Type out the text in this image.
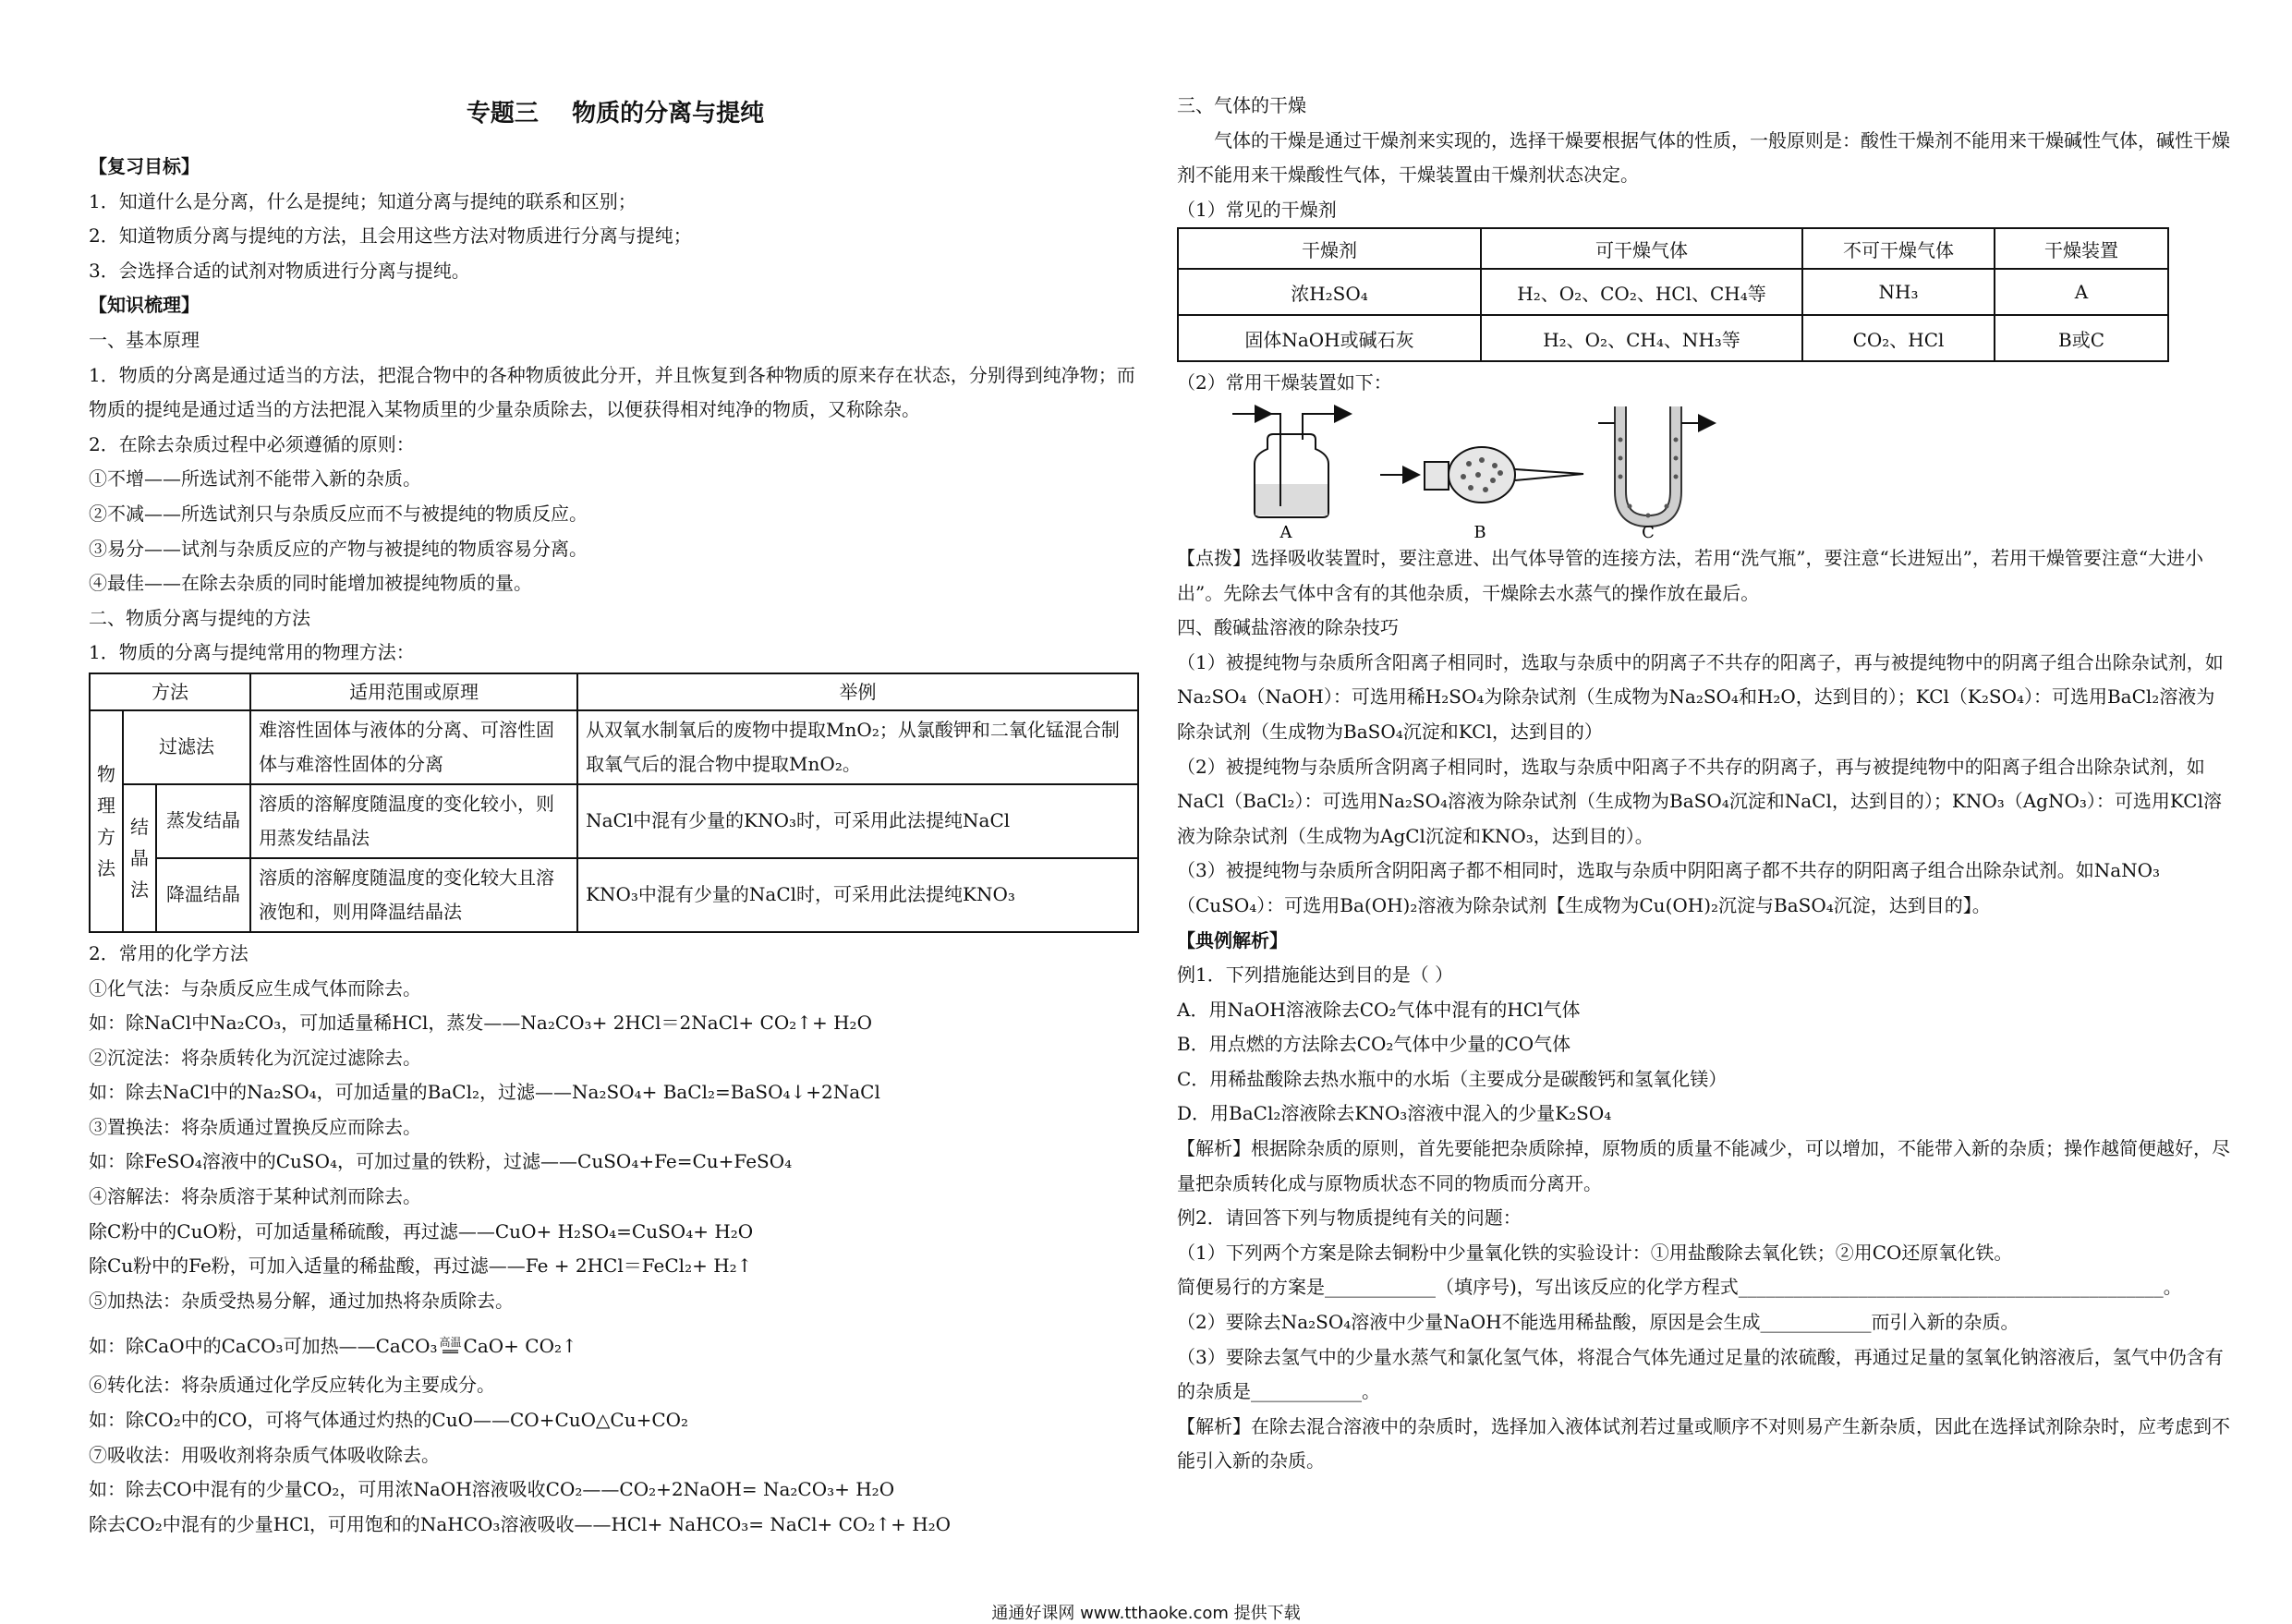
专题三    物质的分离与提纯

【复习目标】

1．知道什么是分离，什么是提纯；知道分离与提纯的联系和区别；

2．知道物质分离与提纯的方法，且会用这些方法对物质进行分离与提纯；

3．会选择合适的试剂对物质进行分离与提纯。

【知识梳理】

一、基本原理

1．物质的分离是通过适当的方法，把混合物中的各种物质彼此分开，并且恢复到各种物质的原来存在状态，分别得到纯净物；而物质的提纯是通过适当的方法把混入某物质里的少量杂质除去，以便获得相对纯净的物质，又称除杂。

2．在除去杂质过程中必须遵循的原则：

①不增——所选试剂不能带入新的杂质。

②不减——所选试剂只与杂质反应而不与被提纯的物质反应。

③易分——试剂与杂质反应的产物与被提纯的物质容易分离。

④最佳——在除去杂质的同时能增加被提纯物质的量。

二、物质分离与提纯的方法

1．物质的分离与提纯常用的物理方法：

方法			适用范围或原理	举例

物
理
方
法	过滤法		难溶性固体与液体的分离、可溶性固体与难溶性固体的分离	从双氧水制氧后的废物中提取MnO₂；从氯酸钾和二氧化锰混合制取氧气后的混合物中提取MnO₂。

	结
晶
法	蒸发结晶	溶质的溶解度随温度的变化较小，则用蒸发结晶法	NaCl中混有少量的KNO₃时，可采用此法提纯NaCl
		降温结晶	溶质的溶解度随温度的变化较大且溶液饱和，则用降温结晶法	KNO₃中混有少量的NaCl时，可采用此法提纯KNO₃

2．常用的化学方法

①化气法：与杂质反应生成气体而除去。

如：除NaCl中Na₂CO₃，可加适量稀HCl，蒸发——Na₂CO₃+ 2HCl＝2NaCl+ CO₂↑+ H₂O

②沉淀法：将杂质转化为沉淀过滤除去。

如：除去NaCl中的Na₂SO₄，可加适量的BaCl₂，过滤——Na₂SO₄+ BaCl₂=BaSO₄↓+2NaCl

③置换法：将杂质通过置换反应而除去。

如：除FeSO₄溶液中的CuSO₄，可加过量的铁粉，过滤——CuSO₄+Fe=Cu+FeSO₄

④溶解法：将杂质溶于某种试剂而除去。

除C粉中的CuO粉，可加适量稀硫酸，再过滤——CuO+ H₂SO₄=CuSO₄+ H₂O

除Cu粉中的Fe粉，可加入适量的稀盐酸，再过滤——Fe + 2HCl＝FeCl₂+ H₂↑

⑤加热法：杂质受热易分解，通过加热将杂质除去。

如：除CaO中的CaCO₃可加热——CaCO₃ 高温
══ CaO+ CO₂↑

⑥转化法：将杂质通过化学反应转化为主要成分。

如：除CO₂中的CO，可将气体通过灼热的CuO——CO+CuO△Cu+CO₂

⑦吸收法：用吸收剂将杂质气体吸收除去。

如：除去CO中混有的少量CO₂，可用浓NaOH溶液吸收CO₂——CO₂+2NaOH= Na₂CO₃+ H₂O

除去CO₂中混有的少量HCl，可用饱和的NaHCO₃溶液吸收——HCl+ NaHCO₃= NaCl+ CO₂↑+ H₂O

三、气体的干燥

气体的干燥是通过干燥剂来实现的，选择干燥要根据气体的性质，一般原则是：酸性干燥剂不能用来干燥碱性气体，碱性干燥剂不能用来干燥酸性气体，干燥装置由干燥剂状态决定。

（1）常见的干燥剂

干燥剂	可干燥气体	不可干燥气体	干燥装置
浓H₂SO₄	H₂、O₂、CO₂、HCl、CH₄等	NH₃	A
固体NaOH或碱石灰	H₂、O₂、CH₄、NH₃等	CO₂、HCl	B或C

（2）常用干燥装置如下：

A	B	C

【点拨】选择吸收装置时，要注意进、出气体导管的连接方法，若用“洗气瓶”，要注意“长进短出”，若用干燥管要注意“大进小出”。先除去气体中含有的其他杂质，干燥除去水蒸气的操作放在最后。

四、酸碱盐溶液的除杂技巧

（1）被提纯物与杂质所含阳离子相同时，选取与杂质中的阴离子不共存的阳离子，再与被提纯物中的阴离子组合出除杂试剂，如Na₂SO₄（NaOH）：可选用稀H₂SO₄为除杂试剂（生成物为Na₂SO₄和H₂O，达到目的）；KCl（K₂SO₄）：可选用BaCl₂溶液为除杂试剂（生成物为BaSO₄沉淀和KCl，达到目的）

（2）被提纯物与杂质所含阴离子相同时，选取与杂质中阳离子不共存的阴离子，再与被提纯物中的阳离子组合出除杂试剂，如NaCl（BaCl₂）：可选用Na₂SO₄溶液为除杂试剂（生成物为BaSO₄沉淀和NaCl，达到目的）；KNO₃（AgNO₃）：可选用KCl溶液为除杂试剂（生成物为AgCl沉淀和KNO₃，达到目的）。

（3）被提纯物与杂质所含阴阳离子都不相同时，选取与杂质中阴阳离子都不共存的阴阳离子组合出除杂试剂。如NaNO₃（CuSO₄）：可选用Ba(OH)₂溶液为除杂试剂【生成物为Cu(OH)₂沉淀与BaSO₄沉淀，达到目的】。

【典例解析】

例1．下列措施能达到目的是（ ）

A．用NaOH溶液除去CO₂气体中混有的HCl气体

B．用点燃的方法除去CO₂气体中少量的CO气体

C．用稀盐酸除去热水瓶中的水垢（主要成分是碳酸钙和氢氧化镁）

D．用BaCl₂溶液除去KNO₃溶液中混入的少量K₂SO₄

【解析】根据除杂质的原则，首先要能把杂质除掉，原物质的质量不能减少，可以增加，不能带入新的杂质；操作越简便越好，尽量把杂质转化成与原物质状态不同的物质而分离开。

例2．请回答下列与物质提纯有关的问题：

（1）下列两个方案是除去铜粉中少量氧化铁的实验设计：①用盐酸除去氧化铁；②用CO还原氧化铁。

简便易行的方案是____________（填序号)，写出该反应的化学方程式______________________________________________。

（2）要除去Na₂SO₄溶液中少量NaOH不能选用稀盐酸，原因是会生成____________而引入新的杂质。

（3）要除去氢气中的少量水蒸气和氯化氢气体，将混合气体先通过足量的浓硫酸，再通过足量的氢氧化钠溶液后，氢气中仍含有的杂质是____________。

【解析】在除去混合溶液中的杂质时，选择加入液体试剂若过量或顺序不对则易产生新杂质，因此在选择试剂除杂时，应考虑到不能引入新的杂质。

通通好课网 www.tthaoke.com 提供下载
